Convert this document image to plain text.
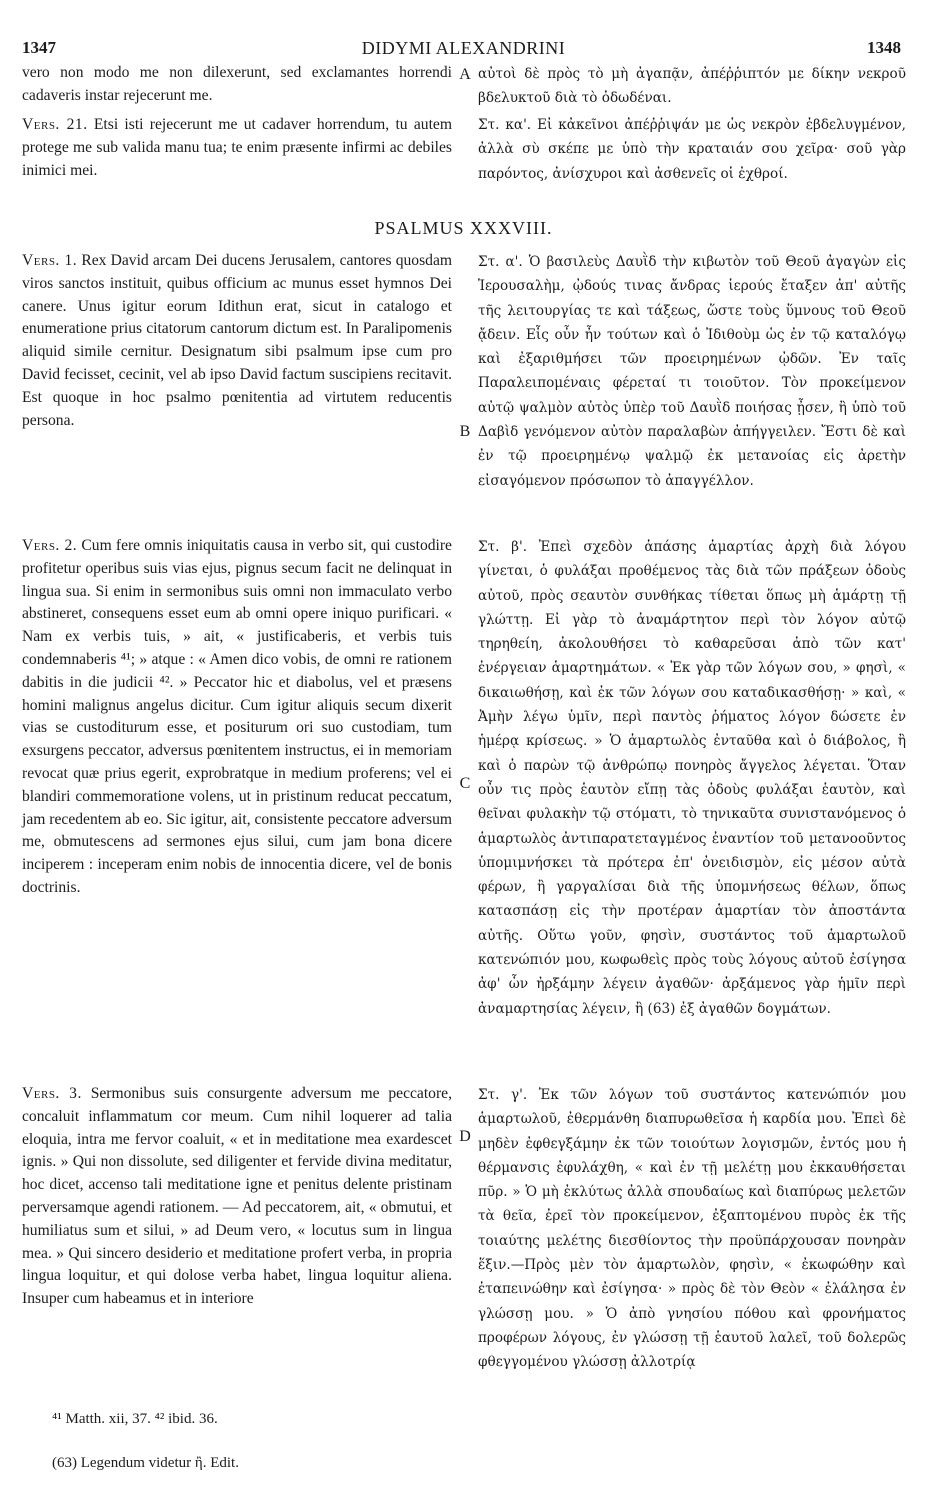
1347	DIDYMI ALEXANDRINI	1348

vero non modo me non dilexerunt, sed exclamantes horrendi cadaveris instar rejecerunt me.

Vers. 21. Etsi isti rejecerunt me ut cadaver horrendum, tu autem protege me sub valida manu tua; te enim præsente infirmi ac debiles inimici mei.

Vers. 1. Rex David arcam Dei ducens Jerusalem, cantores quosdam viros sanctos instituit, quibus officium ac munus esset hymnos Dei canere. Unus igitur eorum Idithun erat, sicut in catalogo et enumeratione prius citatorum cantorum dictum est. In Paralipomenis aliquid simile cernitur. Designatum sibi psalmum ipse cum pro David fecisset, cecinit, vel ab ipso David factum suscipiens recitavit. Est quoque in hoc psalmo pœnitentia ad virtutem reducentis persona.

Vers. 2. Cum fere omnis iniquitatis causa in verbo sit, qui custodire profitetur operibus suis vias ejus, pignus secum facit ne delinquat in lingua sua. Si enim in sermonibus suis omni non immaculato verbo abstineret, consequens esset eum ab omni opere iniquo purificari. « Nam ex verbis tuis, » ait, « justificaberis, et verbis tuis condemnaberis ⁴¹; » atque : « Amen dico vobis, de omni re rationem dabitis in die judicii ⁴². » Peccator hic et diabolus, vel et præsens homini malignus angelus dicitur. Cum igitur aliquis secum dixerit vias se custoditurum esse, et positurum ori suo custodiam, tum exsurgens peccator, adversus pœnitentem instructus, ei in memoriam revocat quæ prius egerit, exprobratque in medium proferens; vel ei blandiri commemoratione volens, ut in pristinum reducat peccatum, jam recedentem ab eo. Sic igitur, ait, consistente peccatore adversum me, obmutescens ad sermones ejus silui, cum jam bona dicere inciperem : inceperam enim nobis de innocentia dicere, vel de bonis doctrinis.

Vers. 3. Sermonibus suis consurgente adversum me peccatore, concaluit inflammatum cor meum. Cum nihil loquerer ad talia eloquia, intra me fervor coaluit, « et in meditatione mea exardescet ignis. » Qui non dissolute, sed diligenter et fervide divina meditatur, hoc dicet, accenso tali meditatione igne et penitus delente pristinam perversamque agendi rationem. — Ad peccatorem, ait, « obmutui, et humiliatus sum et silui, » ad Deum vero, « locutus sum in lingua mea. » Qui sincero desiderio et meditatione profert verba, in propria lingua loquitur, et qui dolose verba habet, lingua loquitur aliena. Insuper cum habeamus et in interiore

αὐτοὶ δὲ πρὸς τὸ μὴ ἀγαπᾷν, ἀπέῤῥιπτόν με δίκην νεκροῦ βδελυκτοῦ διὰ τὸ ὀδωδέναι.

Στ. κα'. Εἰ κἀκεῖνοι ἀπέῤῥιψάν με ὡς νεκρὸν ἐβδελυγμένον, ἀλλὰ σὺ σκέπε με ὑπὸ τὴν κραταιάν σου χεῖρα· σοῦ γὰρ παρόντος, ἀνίσχυροι καὶ ἀσθενεῖς οἱ ἐχθροί.

Στ. α'. Ὁ βασιλεὺς Δαυῒδ τὴν κιβωτὸν τοῦ Θεοῦ ἀγαγὼν εἰς Ἱερουσαλὴμ, ᾠδούς τινας ἄνδρας ἱερούς ἔταξεν ἀπ' αὐτῆς τῆς λειτουργίας τε καὶ τάξεως, ὥστε τοὺς ὕμνους τοῦ Θεοῦ ᾄδειν. Εἷς οὖν ἦν τούτων καὶ ὁ Ἰδιθοὺμ ὡς ἐν τῷ καταλόγῳ καὶ ἐξαριθμήσει τῶν προειρημένων ᾠδῶν. Ἐν ταῖς Παραλειπομέναις φέρεταί τι τοιοῦτον. Τὸν προκείμενον αὐτῷ ψαλμὸν αὐτὸς ὑπὲρ τοῦ Δαυῒδ ποιήσας ᾖσεν, ἢ ὑπὸ τοῦ Δαβὶδ γενόμενον αὐτὸν παραλαβὼν ἀπήγγειλεν. Ἔστι δὲ καὶ ἐν τῷ προειρημένῳ ψαλμῷ ἐκ μετανοίας εἰς ἀρετὴν εἰσαγόμενον πρόσωπον τὸ ἀπαγγέλλον.

Στ. β'. Ἐπεὶ σχεδὸν ἁπάσης ἁμαρτίας ἀρχὴ διὰ λόγου γίνεται, ὁ φυλάξαι προθέμενος τὰς διὰ τῶν πράξεων ὁδοὺς αὐτοῦ, πρὸς σεαυτὸν συνθήκας τίθεται ὅπως μὴ ἁμάρτῃ τῇ γλώττῃ. Εἰ γὰρ τὸ ἀναμάρτητον περὶ τὸν λόγον αὐτῷ τηρηθείη, ἀκολουθήσει τὸ καθαρεῦσαι ἀπὸ τῶν κατ' ἐνέργειαν ἁμαρτημάτων. « Ἐκ γὰρ τῶν λόγων σου, » φησὶ, « δικαιωθήσῃ, καὶ ἐκ τῶν λόγων σου καταδικασθήσῃ· » καὶ, « Ἀμὴν λέγω ὑμῖν, περὶ παντὸς ῥήματος λόγον δώσετε ἐν ἡμέρᾳ κρίσεως. » Ὁ ἁμαρτωλὸς ἐνταῦθα καὶ ὁ διάβολος, ἢ καὶ ὁ παρὼν τῷ ἀνθρώπῳ πονηρὸς ἄγγελος λέγεται. Ὅταν οὖν τις πρὸς ἑαυτὸν εἴπῃ τὰς ὁδοὺς φυλάξαι ἑαυτὸν, καὶ θεῖναι φυλακὴν τῷ στόματι, τὸ τηνικαῦτα συνιστανόμενος ὁ ἁμαρτωλὸς ἀντιπαρατεταγμένος ἐναντίον τοῦ μετανοοῦντος ὑπομιμνήσκει τὰ πρότερα ἐπ' ὀνειδισμὸν, εἰς μέσον αὐτὰ φέρων, ἢ γαργαλίσαι διὰ τῆς ὑπομνήσεως θέλων, ὅπως κατασπάσῃ εἰς τὴν προτέραν ἁμαρτίαν τὸν ἀποστάντα αὐτῆς. Οὕτω γοῦν, φησὶν, συστάντος τοῦ ἁμαρτωλοῦ κατενώπιόν μου, κωφωθεὶς πρὸς τοὺς λόγους αὐτοῦ ἐσίγησα ἀφ' ὧν ἠρξάμην λέγειν ἀγαθῶν· ἀρξάμενος γὰρ ἡμῖν περὶ ἀναμαρτησίας λέγειν, ἢ (63) ἐξ ἀγαθῶν δογμάτων.

Στ. γ'. Ἐκ τῶν λόγων τοῦ συστάντος κατενώπιόν μου ἁμαρτωλοῦ, ἐθερμάνθη διαπυρωθεῖσα ἡ καρδία μου. Ἐπεὶ δὲ μηδὲν ἐφθεγξάμην ἐκ τῶν τοιούτων λογισμῶν, ἐντός μου ἡ θέρμανσις ἐφυλάχθη, « καὶ ἐν τῇ μελέτῃ μου ἐκκαυθήσεται πῦρ. » Ὁ μὴ ἐκλύτως ἀλλὰ σπουδαίως καὶ διαπύρως μελετῶν τὰ θεῖα, ἐρεῖ τὸν προκείμενον, ἐξαπτομένου πυρὸς ἐκ τῆς τοιαύτης μελέτης διεσθίοντος τὴν προϋπάρχουσαν πονηρὰν ἕξιν.—Πρὸς μὲν τὸν ἁμαρτωλὸν, φησὶν, « ἐκωφώθην καὶ ἐταπεινώθην καὶ ἐσίγησα· » πρὸς δὲ τὸν Θεὸν « ἐλάλησα ἐν γλώσσῃ μου. » Ὁ ἀπὸ γνησίου πόθου καὶ φρονήματος προφέρων λόγους, ἐν γλώσσῃ τῇ ἑαυτοῦ λαλεῖ, τοῦ δολερῶς φθεγγομένου γλώσσῃ ἀλλοτρίᾳ

PSALMUS XXXVIII.
A
B
C
D
⁴¹ Matth. xii, 37. ⁴² ibid. 36.
(63) Legendum videtur ἢ. Edit.
